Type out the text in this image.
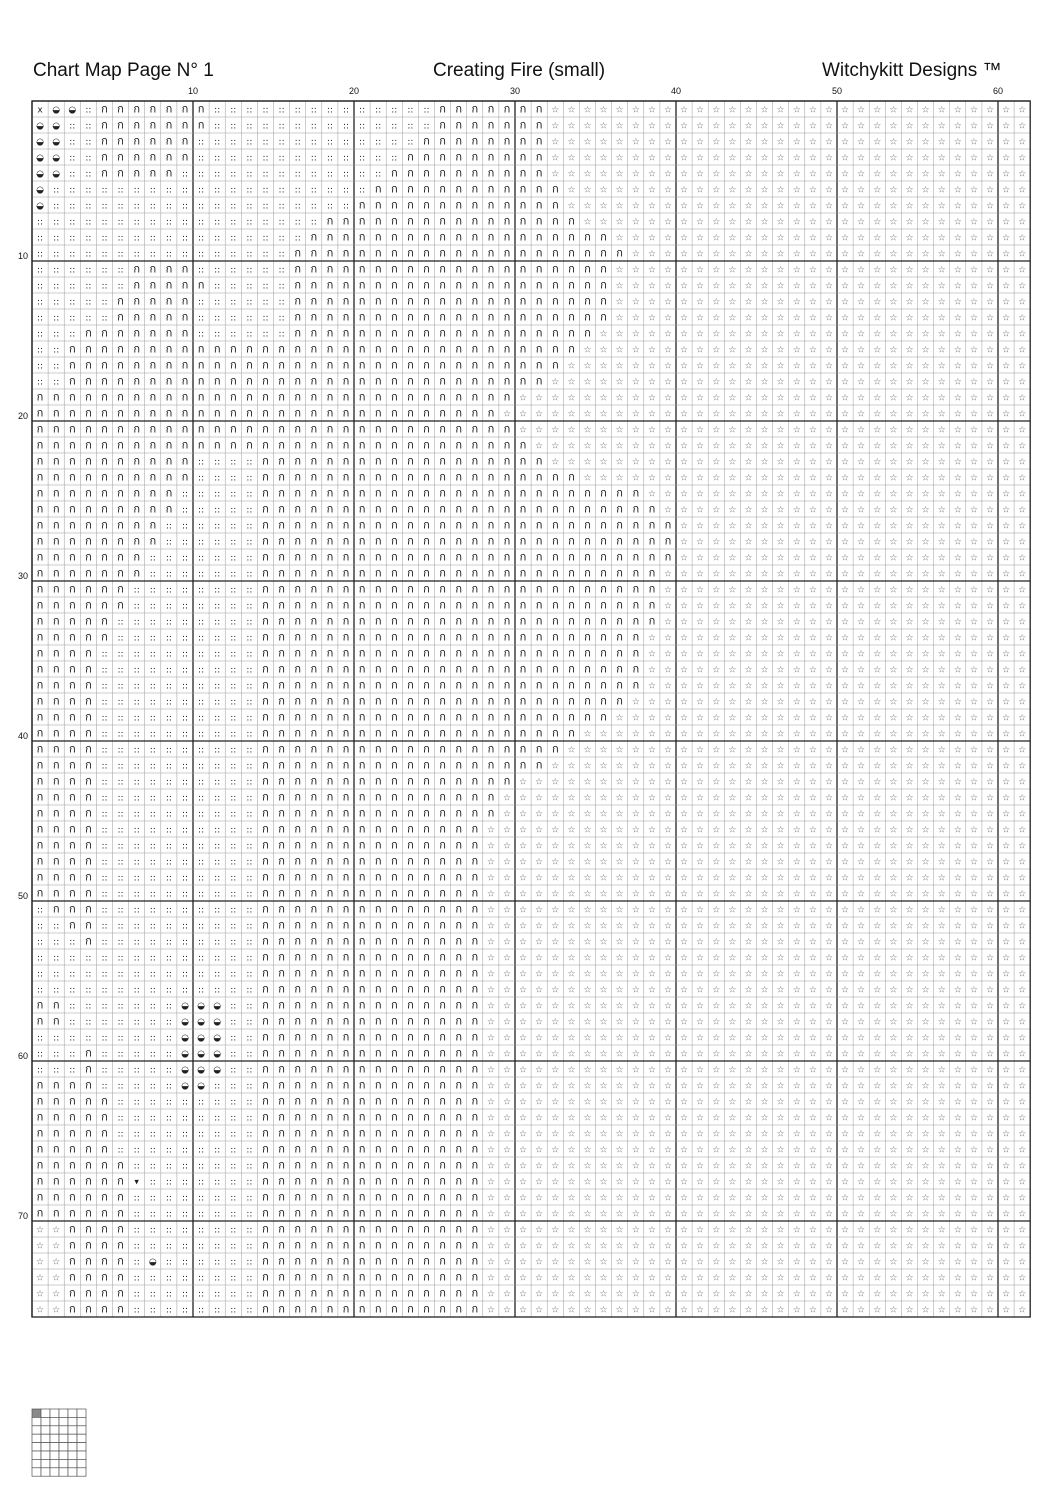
Chart Map Page N° 1	Creating Fire (small)	Witchykitt Designs ™
10	20	30	40	50	60
10
20
30
40
50
60
70
x ◒ ◒ :: ก ก ก ก ก ก ก :: :: :: :: :: :: :: :: :: :: :: :: :: :: ก ก ก ก ก ก ก ☆ ☆ ☆ ☆ ☆ ☆ ☆ ☆ ☆ ☆ ☆ ☆ ☆ ☆ ☆ ☆ ☆ ☆ ☆ ☆ ☆ ☆ ☆ ☆ ☆ ☆ ☆ ☆ ☆ ☆
◒ ◒ :: :: ก ก ก ก ก ก ก :: :: :: :: :: :: :: :: :: :: :: :: :: :: ก ก ก ก ก ก ก ☆ ☆ ☆ ☆ ☆ ☆ ☆ ☆ ☆ ☆ ☆ ☆ ☆ ☆ ☆ ☆ ☆ ☆ ☆ ☆ ☆ ☆ ☆ ☆ ☆ ☆ ☆ ☆ ☆ ☆
◒ ◒ :: :: ก ก ก ก ก ก :: :: :: :: :: :: :: :: :: :: :: :: :: :: ก ก ก ก ก ก ก ก ☆ ☆ ☆ ☆ ☆ ☆ ☆ ☆ ☆ ☆ ☆ ☆ ☆ ☆ ☆ ☆ ☆ ☆ ☆ ☆ ☆ ☆ ☆ ☆ ☆ ☆ ☆ ☆ ☆ ☆
◒ ◒ :: :: ก ก ก ก ก ก :: :: :: :: :: :: :: :: :: :: :: :: :: ก ก ก ก ก ก ก ก ก ☆ ☆ ☆ ☆ ☆ ☆ ☆ ☆ ☆ ☆ ☆ ☆ ☆ ☆ ☆ ☆ ☆ ☆ ☆ ☆ ☆ ☆ ☆ ☆ ☆ ☆ ☆ ☆ ☆ ☆
◒ ◒ :: :: ก ก ก ก ก :: :: :: :: :: :: :: :: :: :: :: :: :: ก ก ก ก ก ก ก ก ก ก ☆ ☆ ☆ ☆ ☆ ☆ ☆ ☆ ☆ ☆ ☆ ☆ ☆ ☆ ☆ ☆ ☆ ☆ ☆ ☆ ☆ ☆ ☆ ☆ ☆ ☆ ☆ ☆ ☆ ☆
◒ :: :: :: :: :: :: :: :: :: :: :: :: :: :: :: :: :: :: :: :: ก ก ก ก ก ก ก ก ก ก ก ก ☆ ☆ ☆ ☆ ☆ ☆ ☆ ☆ ☆ ☆ ☆ ☆ ☆ ☆ ☆ ☆ ☆ ☆ ☆ ☆ ☆ ☆ ☆ ☆ ☆ ☆ ☆ ☆ ☆
◒ :: :: :: :: :: :: :: :: :: :: :: :: :: :: :: :: :: :: :: ก ก ก ก ก ก ก ก ก ก ก ก ก ☆ ☆ ☆ ☆ ☆ ☆ ☆ ☆ ☆ ☆ ☆ ☆ ☆ ☆ ☆ ☆ ☆ ☆ ☆ ☆ ☆ ☆ ☆ ☆ ☆ ☆ ☆ ☆ ☆
:: :: :: :: :: :: :: :: :: :: :: :: :: :: :: :: :: :: ก ก ก ก ก ก ก ก ก ก ก ก ก ก ก ก ☆ ☆ ☆ ☆ ☆ ☆ ☆ ☆ ☆ ☆ ☆ ☆ ☆ ☆ ☆ ☆ ☆ ☆ ☆ ☆ ☆ ☆ ☆ ☆ ☆ ☆ ☆ ☆
:: :: :: :: :: :: :: :: :: :: :: :: :: :: :: :: :: ก ก ก ก ก ก ก ก ก ก ก ก ก ก ก ก ก ก ก ☆ ☆ ☆ ☆ ☆ ☆ ☆ ☆ ☆ ☆ ☆ ☆ ☆ ☆ ☆ ☆ ☆ ☆ ☆ ☆ ☆ ☆ ☆ ☆ ☆ ☆
:: :: :: :: :: :: :: :: :: :: :: :: :: :: :: :: ก ก ก ก ก ก ก ก ก ก ก ก ก ก ก ก ก ก ก ก ก ☆ ☆ ☆ ☆ ☆ ☆ ☆ ☆ ☆ ☆ ☆ ☆ ☆ ☆ ☆ ☆ ☆ ☆ ☆ ☆ ☆ ☆ ☆ ☆ ☆
:: :: :: :: :: :: ก ก ก ก :: :: :: :: :: :: ก ก ก ก ก ก ก ก ก ก ก ก ก ก ก ก ก ก ก ก ☆ ☆ ☆ ☆ ☆ ☆ ☆ ☆ ☆ ☆ ☆ ☆ ☆ ☆ ☆ ☆ ☆ ☆ ☆ ☆ ☆ ☆ ☆ ☆ ☆ ☆
:: :: :: :: :: :: ก ก ก ก ก :: :: :: :: :: ก ก ก ก ก ก ก ก ก ก ก ก ก ก ก ก ก ก ก ก ☆ ☆ ☆ ☆ ☆ ☆ ☆ ☆ ☆ ☆ ☆ ☆ ☆ ☆ ☆ ☆ ☆ ☆ ☆ ☆ ☆ ☆ ☆ ☆ ☆ ☆
:: :: :: :: :: ก ก ก ก ก :: :: :: :: :: :: ก ก ก ก ก ก ก ก ก ก ก ก ก ก ก ก ก ก ก ก ☆ ☆ ☆ ☆ ☆ ☆ ☆ ☆ ☆ ☆ ☆ ☆ ☆ ☆ ☆ ☆ ☆ ☆ ☆ ☆ ☆ ☆ ☆ ☆ ☆ ☆
:: :: :: :: :: ก ก ก ก ก :: :: :: :: :: :: ก ก ก ก ก ก ก ก ก ก ก ก ก ก ก ก ก ก ก ก ☆ ☆ ☆ ☆ ☆ ☆ ☆ ☆ ☆ ☆ ☆ ☆ ☆ ☆ ☆ ☆ ☆ ☆ ☆ ☆ ☆ ☆ ☆ ☆ ☆ ☆
:: :: :: ก ก ก ก ก ก ก :: :: :: :: :: :: ก ก ก ก ก ก ก ก ก ก ก ก ก ก ก ก ก ก ก ☆ ☆ ☆ ☆ ☆ ☆ ☆ ☆ ☆ ☆ ☆ ☆ ☆ ☆ ☆ ☆ ☆ ☆ ☆ ☆ ☆ ☆ ☆ ☆ ☆ ☆ ☆
:: :: ก ก ก ก ก ก ก ก ก ก ก ก ก ก ก ก ก ก ก ก ก ก ก ก ก ก ก ก ก ก ก ก ☆ ☆ ☆ ☆ ☆ ☆ ☆ ☆ ☆ ☆ ☆ ☆ ☆ ☆ ☆ ☆ ☆ ☆ ☆ ☆ ☆ ☆ ☆ ☆ ☆ ☆ ☆ ☆
:: :: ก ก ก ก ก ก ก ก ก ก ก ก ก ก ก ก ก ก ก ก ก ก ก ก ก ก ก ก ก ก ก ☆ ☆ ☆ ☆ ☆ ☆ ☆ ☆ ☆ ☆ ☆ ☆ ☆ ☆ ☆ ☆ ☆ ☆ ☆ ☆ ☆ ☆ ☆ ☆ ☆ ☆ ☆ ☆ ☆
:: :: ก ก ก ก ก ก ก ก ก ก ก ก ก ก ก ก ก ก ก ก ก ก ก ก ก ก ก ก ก ก ☆ ☆ ☆ ☆ ☆ ☆ ☆ ☆ ☆ ☆ ☆ ☆ ☆ ☆ ☆ ☆ ☆ ☆ ☆ ☆ ☆ ☆ ☆ ☆ ☆ ☆ ☆ ☆ ☆ ☆
ก ก ก ก ก ก ก ก ก ก ก ก ก ก ก ก ก ก ก ก ก ก ก ก ก ก ก ก ก ก ☆ ☆ ☆ ☆ ☆ ☆ ☆ ☆ ☆ ☆ ☆ ☆ ☆ ☆ ☆ ☆ ☆ ☆ ☆ ☆ ☆ ☆ ☆ ☆ ☆ ☆ ☆ ☆ ☆ ☆ ☆ ☆
ก ก ก ก ก ก ก ก ก ก ก ก ก ก ก ก ก ก ก ก ก ก ก ก ก ก ก ก ก ☆ ☆ ☆ ☆ ☆ ☆ ☆ ☆ ☆ ☆ ☆ ☆ ☆ ☆ ☆ ☆ ☆ ☆ ☆ ☆ ☆ ☆ ☆ ☆ ☆ ☆ ☆ ☆ ☆ ☆ ☆ ☆ ☆
ก ก ก ก ก ก ก ก ก ก ก ก ก ก ก ก ก ก ก ก ก ก ก ก ก ก ก ก ก ก ☆ ☆ ☆ ☆ ☆ ☆ ☆ ☆ ☆ ☆ ☆ ☆ ☆ ☆ ☆ ☆ ☆ ☆ ☆ ☆ ☆ ☆ ☆ ☆ ☆ ☆ ☆ ☆ ☆ ☆ ☆ ☆
ก ก ก ก ก ก ก ก ก ก ก ก ก ก ก ก ก ก ก ก ก ก ก ก ก ก ก ก ก ก ก ☆ ☆ ☆ ☆ ☆ ☆ ☆ ☆ ☆ ☆ ☆ ☆ ☆ ☆ ☆ ☆ ☆ ☆ ☆ ☆ ☆ ☆ ☆ ☆ ☆ ☆ ☆ ☆ ☆ ☆ ☆
ก ก ก ก ก ก ก ก ก ก :: :: :: :: ก ก ก ก ก ก ก ก ก ก ก ก ก ก ก ก ก ก ☆ ☆ ☆ ☆ ☆ ☆ ☆ ☆ ☆ ☆ ☆ ☆ ☆ ☆ ☆ ☆ ☆ ☆ ☆ ☆ ☆ ☆ ☆ ☆ ☆ ☆ ☆ ☆ ☆ ☆
ก ก ก ก ก ก ก ก ก ก :: :: :: :: ก ก ก ก ก ก ก ก ก ก ก ก ก ก ก ก ก ก ก ก ☆ ☆ ☆ ☆ ☆ ☆ ☆ ☆ ☆ ☆ ☆ ☆ ☆ ☆ ☆ ☆ ☆ ☆ ☆ ☆ ☆ ☆ ☆ ☆ ☆ ☆ ☆ ☆
ก ก ก ก ก ก ก ก ก :: :: :: :: :: ก ก ก ก ก ก ก ก ก ก ก ก ก ก ก ก ก ก ก ก ก ก ก ก ☆ ☆ ☆ ☆ ☆ ☆ ☆ ☆ ☆ ☆ ☆ ☆ ☆ ☆ ☆ ☆ ☆ ☆ ☆ ☆ ☆ ☆ ☆ ☆
ก ก ก ก ก ก ก ก ก :: :: :: :: :: ก ก ก ก ก ก ก ก ก ก ก ก ก ก ก ก ก ก ก ก ก ก ก ก ก ☆ ☆ ☆ ☆ ☆ ☆ ☆ ☆ ☆ ☆ ☆ ☆ ☆ ☆ ☆ ☆ ☆ ☆ ☆ ☆ ☆ ☆ ☆
ก ก ก ก ก ก ก ก :: :: :: :: :: :: ก ก ก ก ก ก ก ก ก ก ก ก ก ก ก ก ก ก ก ก ก ก ก ก ก ก ☆ ☆ ☆ ☆ ☆ ☆ ☆ ☆ ☆ ☆ ☆ ☆ ☆ ☆ ☆ ☆ ☆ ☆ ☆ ☆ ☆ ☆
ก ก ก ก ก ก ก ก :: :: :: :: :: :: ก ก ก ก ก ก ก ก ก ก ก ก ก ก ก ก ก ก ก ก ก ก ก ก ก ก ☆ ☆ ☆ ☆ ☆ ☆ ☆ ☆ ☆ ☆ ☆ ☆ ☆ ☆ ☆ ☆ ☆ ☆ ☆ ☆ ☆ ☆
ก ก ก ก ก ก ก :: :: :: :: :: :: :: ก ก ก ก ก ก ก ก ก ก ก ก ก ก ก ก ก ก ก ก ก ก ก ก ก ก ☆ ☆ ☆ ☆ ☆ ☆ ☆ ☆ ☆ ☆ ☆ ☆ ☆ ☆ ☆ ☆ ☆ ☆ ☆ ☆ ☆ ☆
ก ก ก ก ก ก ก :: :: :: :: :: :: :: ก ก ก ก ก ก ก ก ก ก ก ก ก ก ก ก ก ก ก ก ก ก ก ก ก ☆ ☆ ☆ ☆ ☆ ☆ ☆ ☆ ☆ ☆ ☆ ☆ ☆ ☆ ☆ ☆ ☆ ☆ ☆ ☆ ☆ ☆ ☆
ก ก ก ก ก ก :: :: :: :: :: :: :: :: ก ก ก ก ก ก ก ก ก ก ก ก ก ก ก ก ก ก ก ก ก ก ก ก ก ☆ ☆ ☆ ☆ ☆ ☆ ☆ ☆ ☆ ☆ ☆ ☆ ☆ ☆ ☆ ☆ ☆ ☆ ☆ ☆ ☆ ☆ ☆
ก ก ก ก ก ก :: :: :: :: :: :: :: :: ก ก ก ก ก ก ก ก ก ก ก ก ก ก ก ก ก ก ก ก ก ก ก ก ก ☆ ☆ ☆ ☆ ☆ ☆ ☆ ☆ ☆ ☆ ☆ ☆ ☆ ☆ ☆ ☆ ☆ ☆ ☆ ☆ ☆ ☆ ☆
ก ก ก ก ก :: :: :: :: :: :: :: :: :: ก ก ก ก ก ก ก ก ก ก ก ก ก ก ก ก ก ก ก ก ก ก ก ก ก ☆ ☆ ☆ ☆ ☆ ☆ ☆ ☆ ☆ ☆ ☆ ☆ ☆ ☆ ☆ ☆ ☆ ☆ ☆ ☆ ☆ ☆ ☆
ก ก ก ก ก :: :: :: :: :: :: :: :: :: ก ก ก ก ก ก ก ก ก ก ก ก ก ก ก ก ก ก ก ก ก ก ก ก ☆ ☆ ☆ ☆ ☆ ☆ ☆ ☆ ☆ ☆ ☆ ☆ ☆ ☆ ☆ ☆ ☆ ☆ ☆ ☆ ☆ ☆ ☆ ☆
ก ก ก ก :: :: :: :: :: :: :: :: :: :: ก ก ก ก ก ก ก ก ก ก ก ก ก ก ก ก ก ก ก ก ก ก ก ก ☆ ☆ ☆ ☆ ☆ ☆ ☆ ☆ ☆ ☆ ☆ ☆ ☆ ☆ ☆ ☆ ☆ ☆ ☆ ☆ ☆ ☆ ☆ ☆
ก ก ก ก :: :: :: :: :: :: :: :: :: :: ก ก ก ก ก ก ก ก ก ก ก ก ก ก ก ก ก ก ก ก ก ก ก ก ☆ ☆ ☆ ☆ ☆ ☆ ☆ ☆ ☆ ☆ ☆ ☆ ☆ ☆ ☆ ☆ ☆ ☆ ☆ ☆ ☆ ☆ ☆ ☆
ก ก ก ก :: :: :: :: :: :: :: :: :: :: ก ก ก ก ก ก ก ก ก ก ก ก ก ก ก ก ก ก ก ก ก ก ก ก ☆ ☆ ☆ ☆ ☆ ☆ ☆ ☆ ☆ ☆ ☆ ☆ ☆ ☆ ☆ ☆ ☆ ☆ ☆ ☆ ☆ ☆ ☆ ☆
ก ก ก ก :: :: :: :: :: :: :: :: :: :: ก ก ก ก ก ก ก ก ก ก ก ก ก ก ก ก ก ก ก ก ก ก ก ☆ ☆ ☆ ☆ ☆ ☆ ☆ ☆ ☆ ☆ ☆ ☆ ☆ ☆ ☆ ☆ ☆ ☆ ☆ ☆ ☆ ☆ ☆ ☆ ☆
ก ก ก ก :: :: :: :: :: :: :: :: :: :: ก ก ก ก ก ก ก ก ก ก ก ก ก ก ก ก ก ก ก ก ก ก ☆ ☆ ☆ ☆ ☆ ☆ ☆ ☆ ☆ ☆ ☆ ☆ ☆ ☆ ☆ ☆ ☆ ☆ ☆ ☆ ☆ ☆ ☆ ☆ ☆ ☆
ก ก ก ก :: :: :: :: :: :: :: :: :: :: ก ก ก ก ก ก ก ก ก ก ก ก ก ก ก ก ก ก ก ก ☆ ☆ ☆ ☆ ☆ ☆ ☆ ☆ ☆ ☆ ☆ ☆ ☆ ☆ ☆ ☆ ☆ ☆ ☆ ☆ ☆ ☆ ☆ ☆ ☆ ☆ ☆ ☆
ก ก ก ก :: :: :: :: :: :: :: :: :: :: ก ก ก ก ก ก ก ก ก ก ก ก ก ก ก ก ก ก ก ☆ ☆ ☆ ☆ ☆ ☆ ☆ ☆ ☆ ☆ ☆ ☆ ☆ ☆ ☆ ☆ ☆ ☆ ☆ ☆ ☆ ☆ ☆ ☆ ☆ ☆ ☆ ☆ ☆
ก ก ก ก :: :: :: :: :: :: :: :: :: :: ก ก ก ก ก ก ก ก ก ก ก ก ก ก ก ก ก ก ☆ ☆ ☆ ☆ ☆ ☆ ☆ ☆ ☆ ☆ ☆ ☆ ☆ ☆ ☆ ☆ ☆ ☆ ☆ ☆ ☆ ☆ ☆ ☆ ☆ ☆ ☆ ☆ ☆ ☆
ก ก ก ก :: :: :: :: :: :: :: :: :: :: ก ก ก ก ก ก ก ก ก ก ก ก ก ก ก ก ☆ ☆ ☆ ☆ ☆ ☆ ☆ ☆ ☆ ☆ ☆ ☆ ☆ ☆ ☆ ☆ ☆ ☆ ☆ ☆ ☆ ☆ ☆ ☆ ☆ ☆ ☆ ☆ ☆ ☆ ☆ ☆
ก ก ก ก :: :: :: :: :: :: :: :: :: :: ก ก ก ก ก ก ก ก ก ก ก ก ก ก ก ☆ ☆ ☆ ☆ ☆ ☆ ☆ ☆ ☆ ☆ ☆ ☆ ☆ ☆ ☆ ☆ ☆ ☆ ☆ ☆ ☆ ☆ ☆ ☆ ☆ ☆ ☆ ☆ ☆ ☆ ☆ ☆ ☆
ก ก ก ก :: :: :: :: :: :: :: :: :: :: ก ก ก ก ก ก ก ก ก ก ก ก ก ก ก ☆ ☆ ☆ ☆ ☆ ☆ ☆ ☆ ☆ ☆ ☆ ☆ ☆ ☆ ☆ ☆ ☆ ☆ ☆ ☆ ☆ ☆ ☆ ☆ ☆ ☆ ☆ ☆ ☆ ☆ ☆ ☆ ☆
ก ก ก ก :: :: :: :: :: :: :: :: :: :: ก ก ก ก ก ก ก ก ก ก ก ก ก ก ☆ ☆ ☆ ☆ ☆ ☆ ☆ ☆ ☆ ☆ ☆ ☆ ☆ ☆ ☆ ☆ ☆ ☆ ☆ ☆ ☆ ☆ ☆ ☆ ☆ ☆ ☆ ☆ ☆ ☆ ☆ ☆ ☆ ☆
ก ก ก ก :: :: :: :: :: :: :: :: :: :: ก ก ก ก ก ก ก ก ก ก ก ก ก ก ☆ ☆ ☆ ☆ ☆ ☆ ☆ ☆ ☆ ☆ ☆ ☆ ☆ ☆ ☆ ☆ ☆ ☆ ☆ ☆ ☆ ☆ ☆ ☆ ☆ ☆ ☆ ☆ ☆ ☆ ☆ ☆ ☆ ☆
ก ก ก ก :: :: :: :: :: :: :: :: :: :: ก ก ก ก ก ก ก ก ก ก ก ก ก ก ☆ ☆ ☆ ☆ ☆ ☆ ☆ ☆ ☆ ☆ ☆ ☆ ☆ ☆ ☆ ☆ ☆ ☆ ☆ ☆ ☆ ☆ ☆ ☆ ☆ ☆ ☆ ☆ ☆ ☆ ☆ ☆ ☆ ☆
ก ก ก ก :: :: :: :: :: :: :: :: :: :: ก ก ก ก ก ก ก ก ก ก ก ก ก ก ☆ ☆ ☆ ☆ ☆ ☆ ☆ ☆ ☆ ☆ ☆ ☆ ☆ ☆ ☆ ☆ ☆ ☆ ☆ ☆ ☆ ☆ ☆ ☆ ☆ ☆ ☆ ☆ ☆ ☆ ☆ ☆ ☆ ☆
ก ก ก ก :: :: :: :: :: :: :: :: :: :: ก ก ก ก ก ก ก ก ก ก ก ก ก ก ☆ ☆ ☆ ☆ ☆ ☆ ☆ ☆ ☆ ☆ ☆ ☆ ☆ ☆ ☆ ☆ ☆ ☆ ☆ ☆ ☆ ☆ ☆ ☆ ☆ ☆ ☆ ☆ ☆ ☆ ☆ ☆ ☆ ☆
:: ก ก ก :: :: :: :: :: :: :: :: :: :: ก ก ก ก ก ก ก ก ก ก ก ก ก ก ☆ ☆ ☆ ☆ ☆ ☆ ☆ ☆ ☆ ☆ ☆ ☆ ☆ ☆ ☆ ☆ ☆ ☆ ☆ ☆ ☆ ☆ ☆ ☆ ☆ ☆ ☆ ☆ ☆ ☆ ☆ ☆ ☆ ☆
:: :: ก ก :: :: :: :: :: :: :: :: :: :: ก ก ก ก ก ก ก ก ก ก ก ก ก ก ☆ ☆ ☆ ☆ ☆ ☆ ☆ ☆ ☆ ☆ ☆ ☆ ☆ ☆ ☆ ☆ ☆ ☆ ☆ ☆ ☆ ☆ ☆ ☆ ☆ ☆ ☆ ☆ ☆ ☆ ☆ ☆ ☆ ☆
:: :: :: ก :: :: :: :: :: :: :: :: :: :: ก ก ก ก ก ก ก ก ก ก ก ก ก ก ☆ ☆ ☆ ☆ ☆ ☆ ☆ ☆ ☆ ☆ ☆ ☆ ☆ ☆ ☆ ☆ ☆ ☆ ☆ ☆ ☆ ☆ ☆ ☆ ☆ ☆ ☆ ☆ ☆ ☆ ☆ ☆ ☆ ☆
:: :: :: :: :: :: :: :: :: :: :: :: :: :: ก ก ก ก ก ก ก ก ก ก ก ก ก ก ☆ ☆ ☆ ☆ ☆ ☆ ☆ ☆ ☆ ☆ ☆ ☆ ☆ ☆ ☆ ☆ ☆ ☆ ☆ ☆ ☆ ☆ ☆ ☆ ☆ ☆ ☆ ☆ ☆ ☆ ☆ ☆ ☆ ☆
:: :: :: :: :: :: :: :: :: :: :: :: :: :: ก ก ก ก ก ก ก ก ก ก ก ก ก ก ☆ ☆ ☆ ☆ ☆ ☆ ☆ ☆ ☆ ☆ ☆ ☆ ☆ ☆ ☆ ☆ ☆ ☆ ☆ ☆ ☆ ☆ ☆ ☆ ☆ ☆ ☆ ☆ ☆ ☆ ☆ ☆ ☆ ☆
:: :: :: :: :: :: :: :: :: :: :: :: :: :: ก ก ก ก ก ก ก ก ก ก ก ก ก ก ☆ ☆ ☆ ☆ ☆ ☆ ☆ ☆ ☆ ☆ ☆ ☆ ☆ ☆ ☆ ☆ ☆ ☆ ☆ ☆ ☆ ☆ ☆ ☆ ☆ ☆ ☆ ☆ ☆ ☆ ☆ ☆ ☆ ☆
ก ก :: :: :: :: :: :: :: ◒ ◒ ◒ :: :: ก ก ก ก ก ก ก ก ก ก ก ก ก ก ☆ ☆ ☆ ☆ ☆ ☆ ☆ ☆ ☆ ☆ ☆ ☆ ☆ ☆ ☆ ☆ ☆ ☆ ☆ ☆ ☆ ☆ ☆ ☆ ☆ ☆ ☆ ☆ ☆ ☆ ☆ ☆ ☆ ☆
ก ก :: :: :: :: :: :: :: ◒ ◒ ◒ :: :: ก ก ก ก ก ก ก ก ก ก ก ก ก ก ☆ ☆ ☆ ☆ ☆ ☆ ☆ ☆ ☆ ☆ ☆ ☆ ☆ ☆ ☆ ☆ ☆ ☆ ☆ ☆ ☆ ☆ ☆ ☆ ☆ ☆ ☆ ☆ ☆ ☆ ☆ ☆ ☆ ☆
:: :: :: :: :: :: :: :: :: ◒ ◒ ◒ :: :: ก ก ก ก ก ก ก ก ก ก ก ก ก ก ☆ ☆ ☆ ☆ ☆ ☆ ☆ ☆ ☆ ☆ ☆ ☆ ☆ ☆ ☆ ☆ ☆ ☆ ☆ ☆ ☆ ☆ ☆ ☆ ☆ ☆ ☆ ☆ ☆ ☆ ☆ ☆ ☆ ☆
:: :: :: ก :: :: :: :: :: ◒ ◒ ◒ :: :: ก ก ก ก ก ก ก ก ก ก ก ก ก ก ☆ ☆ ☆ ☆ ☆ ☆ ☆ ☆ ☆ ☆ ☆ ☆ ☆ ☆ ☆ ☆ ☆ ☆ ☆ ☆ ☆ ☆ ☆ ☆ ☆ ☆ ☆ ☆ ☆ ☆ ☆ ☆ ☆ ☆
:: :: :: ก :: :: :: :: :: ◒ ◒ ◒ :: :: ก ก ก ก ก ก ก ก ก ก ก ก ก ก ☆ ☆ ☆ ☆ ☆ ☆ ☆ ☆ ☆ ☆ ☆ ☆ ☆ ☆ ☆ ☆ ☆ ☆ ☆ ☆ ☆ ☆ ☆ ☆ ☆ ☆ ☆ ☆ ☆ ☆ ☆ ☆ ☆ ☆
ก ก ก ก :: :: :: :: :: ◒ ◒ :: :: :: ก ก ก ก ก ก ก ก ก ก ก ก ก ก ☆ ☆ ☆ ☆ ☆ ☆ ☆ ☆ ☆ ☆ ☆ ☆ ☆ ☆ ☆ ☆ ☆ ☆ ☆ ☆ ☆ ☆ ☆ ☆ ☆ ☆ ☆ ☆ ☆ ☆ ☆ ☆ ☆ ☆
ก ก ก ก ก :: :: :: :: :: :: :: :: :: ก ก ก ก ก ก ก ก ก ก ก ก ก ก ☆ ☆ ☆ ☆ ☆ ☆ ☆ ☆ ☆ ☆ ☆ ☆ ☆ ☆ ☆ ☆ ☆ ☆ ☆ ☆ ☆ ☆ ☆ ☆ ☆ ☆ ☆ ☆ ☆ ☆ ☆ ☆ ☆ ☆
ก ก ก ก ก :: :: :: :: :: :: :: :: :: ก ก ก ก ก ก ก ก ก ก ก ก ก ก ☆ ☆ ☆ ☆ ☆ ☆ ☆ ☆ ☆ ☆ ☆ ☆ ☆ ☆ ☆ ☆ ☆ ☆ ☆ ☆ ☆ ☆ ☆ ☆ ☆ ☆ ☆ ☆ ☆ ☆ ☆ ☆ ☆ ☆
ก ก ก ก ก :: :: :: :: :: :: :: :: :: ก ก ก ก ก ก ก ก ก ก ก ก ก ก ☆ ☆ ☆ ☆ ☆ ☆ ☆ ☆ ☆ ☆ ☆ ☆ ☆ ☆ ☆ ☆ ☆ ☆ ☆ ☆ ☆ ☆ ☆ ☆ ☆ ☆ ☆ ☆ ☆ ☆ ☆ ☆ ☆ ☆
ก ก ก ก ก :: :: :: :: :: :: :: :: :: ก ก ก ก ก ก ก ก ก ก ก ก ก ก ☆ ☆ ☆ ☆ ☆ ☆ ☆ ☆ ☆ ☆ ☆ ☆ ☆ ☆ ☆ ☆ ☆ ☆ ☆ ☆ ☆ ☆ ☆ ☆ ☆ ☆ ☆ ☆ ☆ ☆ ☆ ☆ ☆ ☆
ก ก ก ก ก ก :: :: :: :: :: :: :: :: ก ก ก ก ก ก ก ก ก ก ก ก ก ก ☆ ☆ ☆ ☆ ☆ ☆ ☆ ☆ ☆ ☆ ☆ ☆ ☆ ☆ ☆ ☆ ☆ ☆ ☆ ☆ ☆ ☆ ☆ ☆ ☆ ☆ ☆ ☆ ☆ ☆ ☆ ☆ ☆ ☆
ก ก ก ก ก ก ▾ :: :: :: :: :: :: :: ก ก ก ก ก ก ก ก ก ก ก ก ก ก ☆ ☆ ☆ ☆ ☆ ☆ ☆ ☆ ☆ ☆ ☆ ☆ ☆ ☆ ☆ ☆ ☆ ☆ ☆ ☆ ☆ ☆ ☆ ☆ ☆ ☆ ☆ ☆ ☆ ☆ ☆ ☆ ☆ ☆
ก ก ก ก ก ก :: :: :: :: :: :: :: :: ก ก ก ก ก ก ก ก ก ก ก ก ก ก ☆ ☆ ☆ ☆ ☆ ☆ ☆ ☆ ☆ ☆ ☆ ☆ ☆ ☆ ☆ ☆ ☆ ☆ ☆ ☆ ☆ ☆ ☆ ☆ ☆ ☆ ☆ ☆ ☆ ☆ ☆ ☆ ☆ ☆
ก ก ก ก ก ก :: :: :: :: :: :: :: :: ก ก ก ก ก ก ก ก ก ก ก ก ก ก ☆ ☆ ☆ ☆ ☆ ☆ ☆ ☆ ☆ ☆ ☆ ☆ ☆ ☆ ☆ ☆ ☆ ☆ ☆ ☆ ☆ ☆ ☆ ☆ ☆ ☆ ☆ ☆ ☆ ☆ ☆ ☆ ☆ ☆
☆ ☆ ก ก ก ก :: :: :: :: :: :: :: :: ก ก ก ก ก ก ก ก ก ก ก ก ก ก ☆ ☆ ☆ ☆ ☆ ☆ ☆ ☆ ☆ ☆ ☆ ☆ ☆ ☆ ☆ ☆ ☆ ☆ ☆ ☆ ☆ ☆ ☆ ☆ ☆ ☆ ☆ ☆ ☆ ☆ ☆ ☆ ☆ ☆
☆ ☆ ก ก ก ก :: :: :: :: :: :: :: :: ก ก ก ก ก ก ก ก ก ก ก ก ก ก ☆ ☆ ☆ ☆ ☆ ☆ ☆ ☆ ☆ ☆ ☆ ☆ ☆ ☆ ☆ ☆ ☆ ☆ ☆ ☆ ☆ ☆ ☆ ☆ ☆ ☆ ☆ ☆ ☆ ☆ ☆ ☆ ☆ ☆
☆ ☆ ก ก ก ก :: ◒ :: :: :: :: :: :: ก ก ก ก ก ก ก ก ก ก ก ก ก ก ☆ ☆ ☆ ☆ ☆ ☆ ☆ ☆ ☆ ☆ ☆ ☆ ☆ ☆ ☆ ☆ ☆ ☆ ☆ ☆ ☆ ☆ ☆ ☆ ☆ ☆ ☆ ☆ ☆ ☆ ☆ ☆ ☆ ☆
☆ ☆ ก ก ก ก :: :: :: :: :: :: :: :: ก ก ก ก ก ก ก ก ก ก ก ก ก ก ☆ ☆ ☆ ☆ ☆ ☆ ☆ ☆ ☆ ☆ ☆ ☆ ☆ ☆ ☆ ☆ ☆ ☆ ☆ ☆ ☆ ☆ ☆ ☆ ☆ ☆ ☆ ☆ ☆ ☆ ☆ ☆ ☆ ☆
☆ ☆ ก ก ก ก :: :: :: :: :: :: :: :: ก ก ก ก ก ก ก ก ก ก ก ก ก ก ☆ ☆ ☆ ☆ ☆ ☆ ☆ ☆ ☆ ☆ ☆ ☆ ☆ ☆ ☆ ☆ ☆ ☆ ☆ ☆ ☆ ☆ ☆ ☆ ☆ ☆ ☆ ☆ ☆ ☆ ☆ ☆ ☆ ☆
☆ ☆ ก ก ก ก :: :: :: :: :: :: :: :: ก ก ก ก ก ก ก ก ก ก ก ก ก ก ☆ ☆ ☆ ☆ ☆ ☆ ☆ ☆ ☆ ☆ ☆ ☆ ☆ ☆ ☆ ☆ ☆ ☆ ☆ ☆ ☆ ☆ ☆ ☆ ☆ ☆ ☆ ☆ ☆ ☆ ☆ ☆ ☆ ☆
